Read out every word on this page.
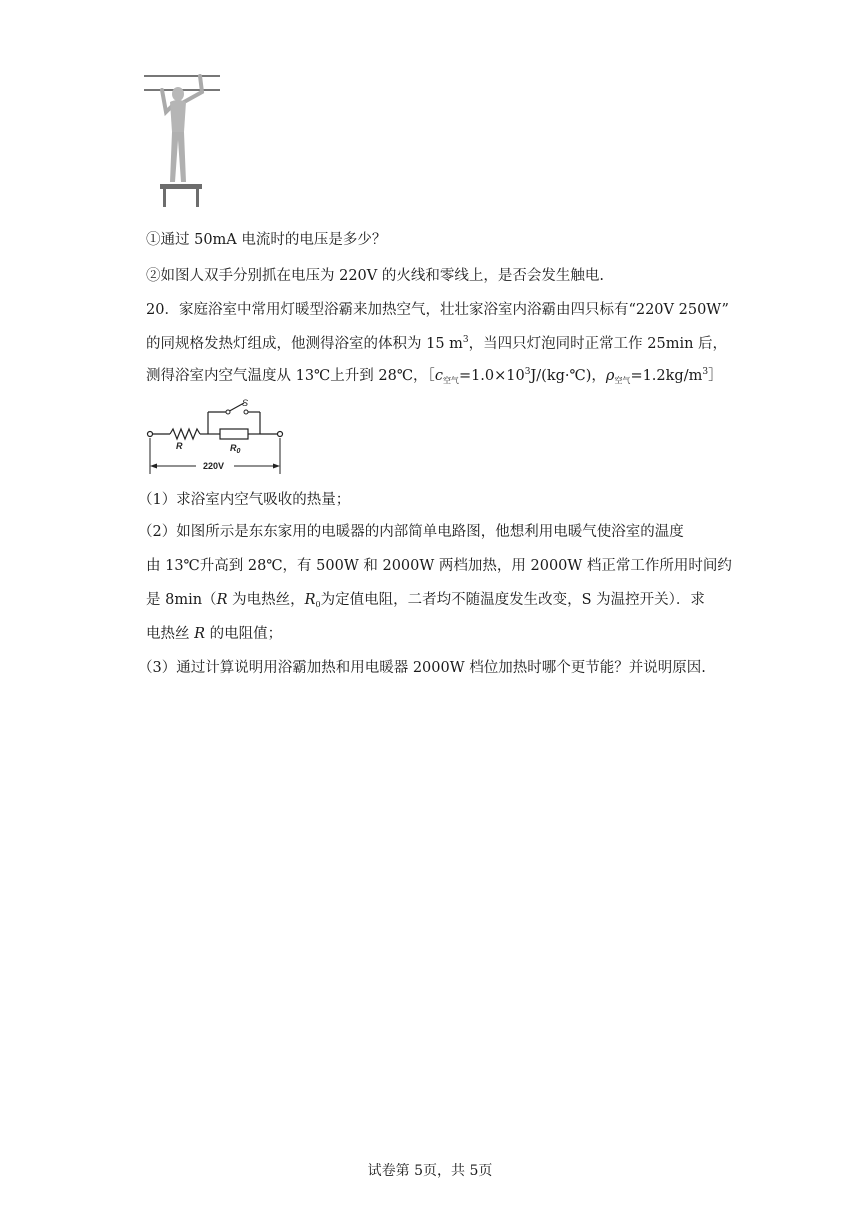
①通过 50mA 电流时的电压是多少？
②如图人双手分别抓在电压为 220V 的火线和零线上，是否会发生触电.
20．家庭浴室中常用灯暖型浴霸来加热空气，壮壮家浴室内浴霸由四只标有“220V 250W”
的同规格发热灯组成，他测得浴室的体积为 15 $m^3$，当四只灯泡同时正常工作 25min 后，
测得浴室内空气温度从 13℃上升到 28℃，$[c_{空气}=1.0\times 10^3J/(kg\cdot℃)$，$\rho_{空气}=1.2kg/m^3]$
S
R	$R_0$
220V
（1）求浴室内空气吸收的热量；
（2）如图所示是东东家用的电暖器的内部简单电路图，他想利用电暖气使浴室的温度
由 13℃升高到 28℃，有 500W 和 2000W 两档加热，用 2000W 档正常工作所用时间约
是 8min（R 为电热丝，$R_0$为定值电阻，二者均不随温度发生改变，S 为温控开关）．求
电热丝 R 的电阻值；
（3）通过计算说明用浴霸加热和用电暖器 2000W 档位加热时哪个更节能？并说明原因.
试卷第 5页，共 5页
